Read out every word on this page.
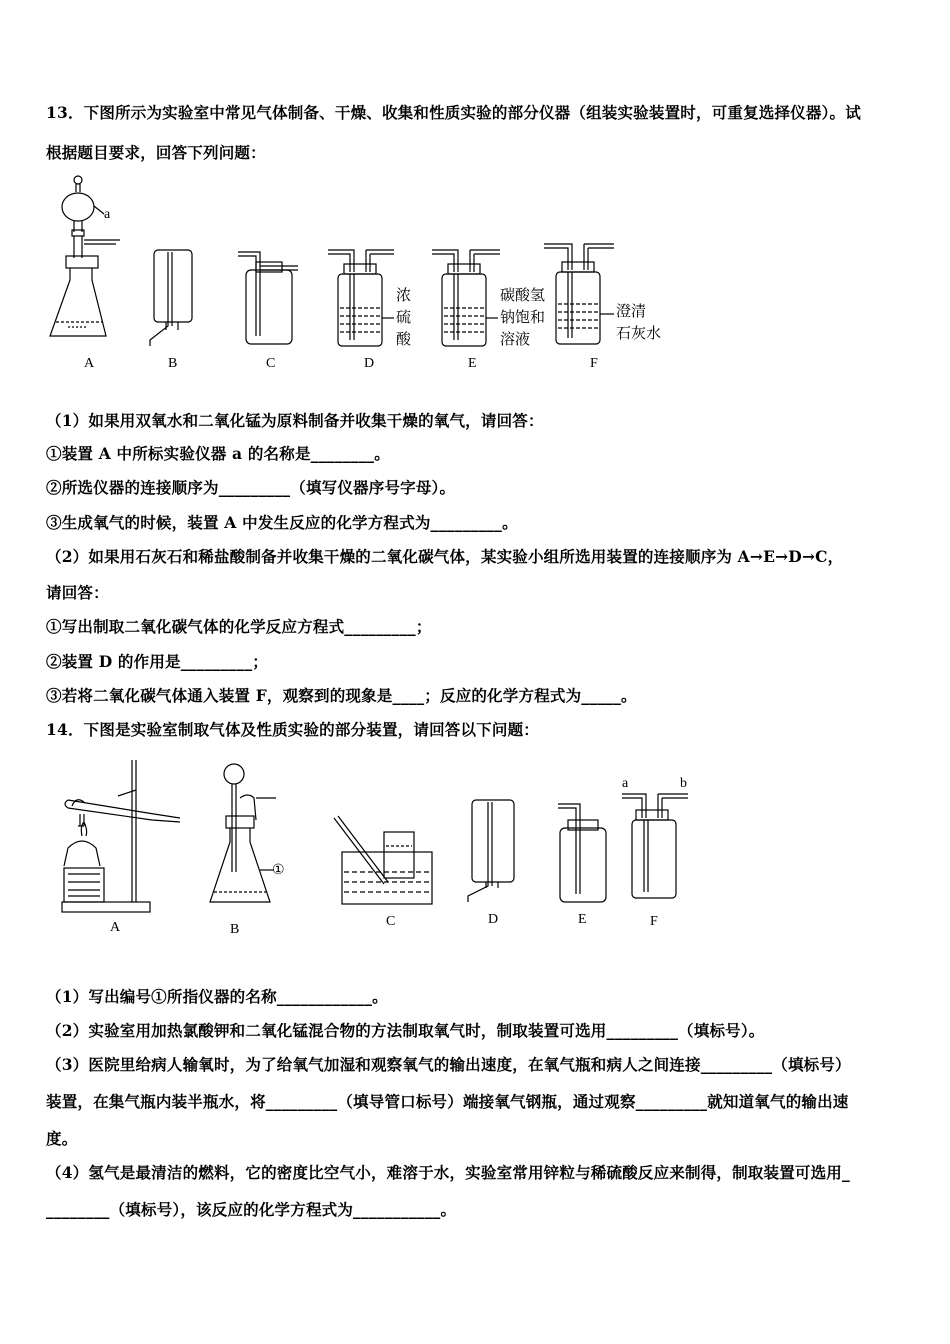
13．下图所示为实验室中常见气体制备、干燥、收集和性质实验的部分仪器（组装实验装置时，可重复选择仪器）。试
根据题目要求，回答下列问题：
a
A	B	C
浓
硫
酸
D
碳酸氢
钠饱和
溶液
E
澄清
石灰水
F
（1）如果用双氧水和二氧化锰为原料制备并收集干燥的氧气，请回答：
①装置 A 中所标实验仪器 a 的名称是________。
②所选仪器的连接顺序为_________（填写仪器序号字母）。
③生成氧气的时候，装置 A 中发生反应的化学方程式为_________。
（2）如果用石灰石和稀盐酸制备并收集干燥的二氧化碳气体，某实验小组所选用装置的连接顺序为 A→E→D→C，
请回答：
①写出制取二氧化碳气体的化学反应方程式_________；
②装置 D 的作用是_________；
③若将二氧化碳气体通入装置 F，观察到的现象是____；反应的化学方程式为_____。
14．下图是实验室制取气体及性质实验的部分装置，请回答以下问题：
A
①
B
C	D	E
a	b
F
（1）写出编号①所指仪器的名称____________。
（2）实验室用加热氯酸钾和二氧化锰混合物的方法制取氧气时，制取装置可选用_________（填标号）。
（3）医院里给病人输氧时，为了给氧气加湿和观察氧气的输出速度，在氧气瓶和病人之间连接_________（填标号）
装置，在集气瓶内装半瓶水，将_________（填导管口标号）端接氧气钢瓶，通过观察_________就知道氧气的输出速
度。
（4）氢气是最清洁的燃料，它的密度比空气小，难溶于水，实验室常用锌粒与稀硫酸反应来制得，制取装置可选用_
________（填标号），该反应的化学方程式为___________。
